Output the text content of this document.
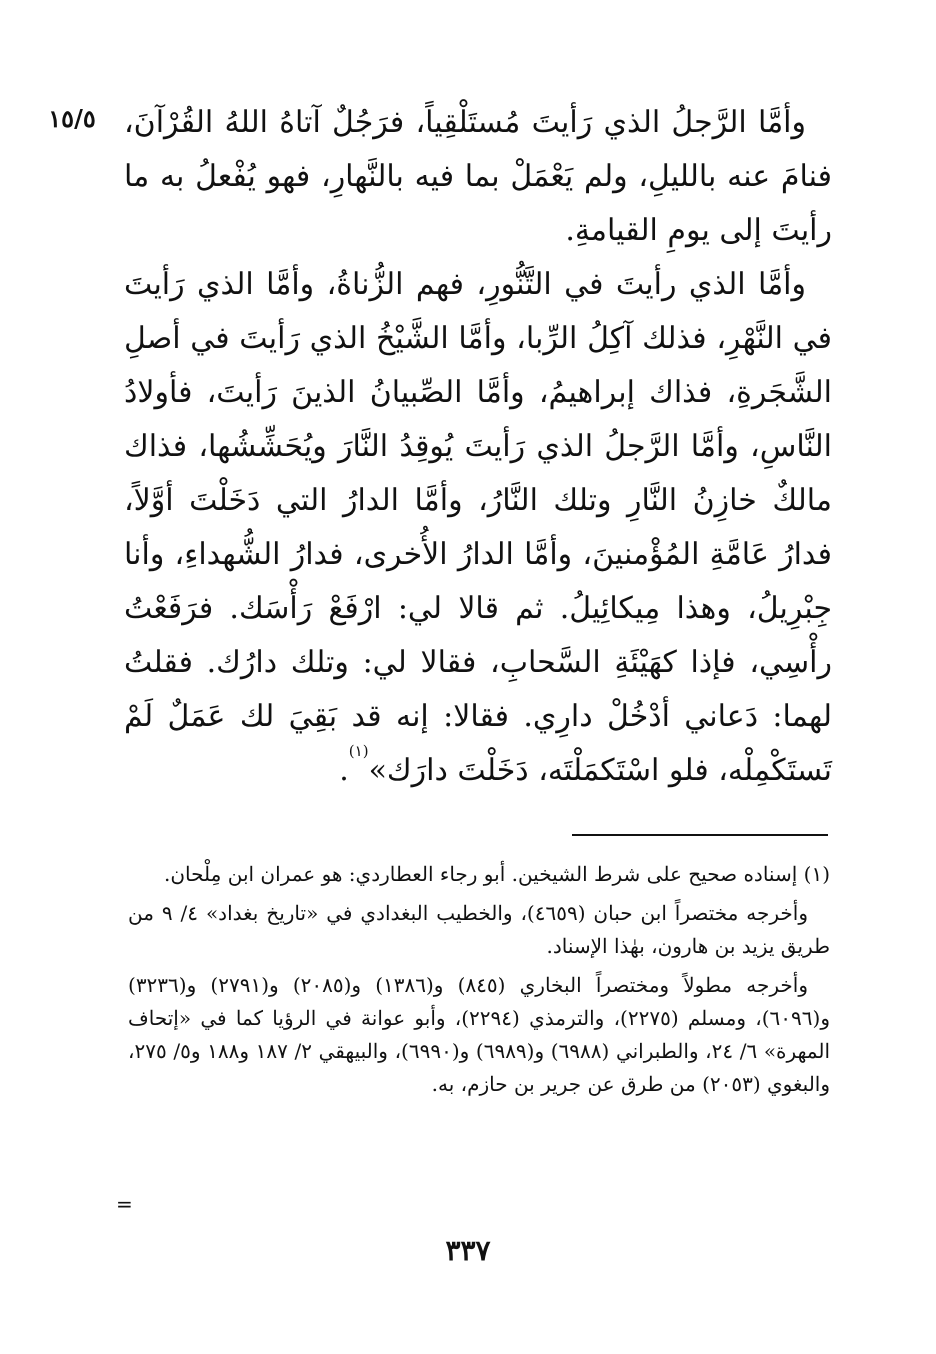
١٥/٥ وأمَّا الرَّجلُ الذي رَأيتَ مُستَلْقِياً، فرَجُلٌ آتاهُ اللهُ القُرْآنَ، فنامَ عنه بالليلِ، ولم يَعْمَلْ بما فيه بالنَّهارِ، فهو يُفْعلُ به ما رأيتَ إلى يومِ القيامةِ.

وأمَّا الذي رأيتَ في التَّنُّورِ، فهم الزُّناةُ، وأمَّا الذي رَأيتَ في النَّهْرِ، فذلك آكِلُ الرِّبا، وأمَّا الشَّيْخُ الذي رَأيتَ في أصلِ الشَّجَرةِ، فذاك إبراهيمُ، وأمَّا الصِّبيانُ الذينَ رَأيتَ، فأولادُ النَّاسِ، وأمَّا الرَّجلُ الذي رَأيتَ يُوقِدُ النَّارَ ويُحَشِّشُها، فذاك مالكٌ خازِنُ النَّارِ وتلك النَّارُ، وأمَّا الدارُ التي دَخَلْتَ أوَّلاً، فدارُ عَامَّةِ المُؤْمنينَ، وأمَّا الدارُ الأُخرى، فدارُ الشُّهداءِ، وأنا جِبْرِيلُ، وهذا مِيكائِيلُ. ثم قالا لي: ارْفَعْ رَأْسَك. فرَفَعْتُ رأْسِي، فإذا كهَيْئَةِ السَّحابِ، فقالا لي: وتلك دارُك. فقلتُ لهما: دَعاني أدْخُلْ دارِي. فقالا: إنه قد بَقِيَ لك عَمَلٌ لَمْ تَستَكْمِلْه، فلو اسْتَكمَلْتَه، دَخَلْتَ دارَك»$^{(١)}$.

(١) إسناده صحيح على شرط الشيخين. أبو رجاء العطاردي: هو عمران ابن مِلْحان.

وأخرجه مختصراً ابن حبان (٤٦٥٩)، والخطيب البغدادي في «تاريخ بغداد» ٤/ ٩ من طريق يزيد بن هارون، بهٰذا الإسناد.

وأخرجه مطولاً ومختصراً البخاري (٨٤٥) و(١٣٨٦) و(٢٠٨٥) و(٢٧٩١) و(٣٢٣٦) و(٦٠٩٦)، ومسلم (٢٢٧٥)، والترمذي (٢٢٩٤)، وأبو عوانة في الرؤيا كما في «إتحاف المهرة» ٦/ ٢٤، والطبراني (٦٩٨٨) و(٦٩٨٩) و(٦٩٩٠)، والبيهقي ٢/ ١٨٧ و١٨٨ و٥/ ٢٧٥، والبغوي (٢٠٥٣) من طرق عن جرير بن حازم، به.

=
٣٣٧
